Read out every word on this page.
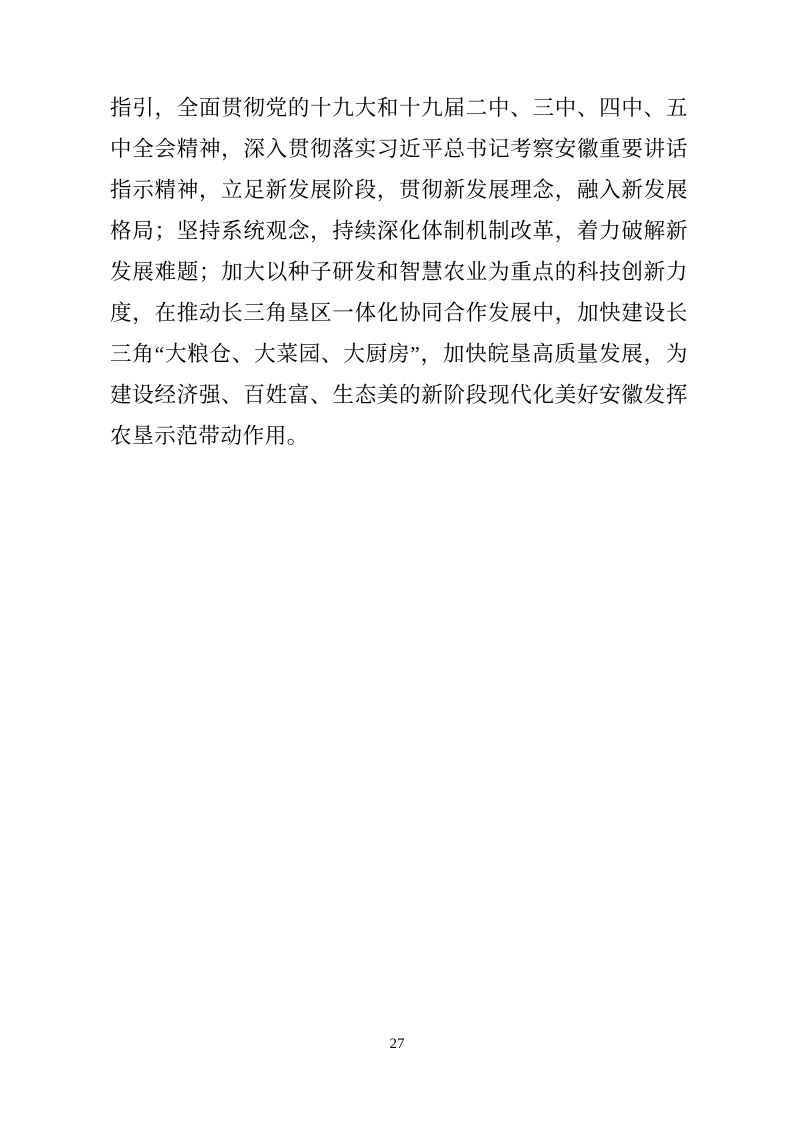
指引，全面贯彻党的十九大和十九届二中、三中、四中、五中全会精神，深入贯彻落实习近平总书记考察安徽重要讲话指示精神，立足新发展阶段，贯彻新发展理念，融入新发展格局；坚持系统观念，持续深化体制机制改革，着力破解新发展难题；加大以种子研发和智慧农业为重点的科技创新力度，在推动长三角垦区一体化协同合作发展中，加快建设长三角“大粮仓、大菜园、大厨房”，加快皖垦高质量发展，为建设经济强、百姓富、生态美的新阶段现代化美好安徽发挥农垦示范带动作用。

27
